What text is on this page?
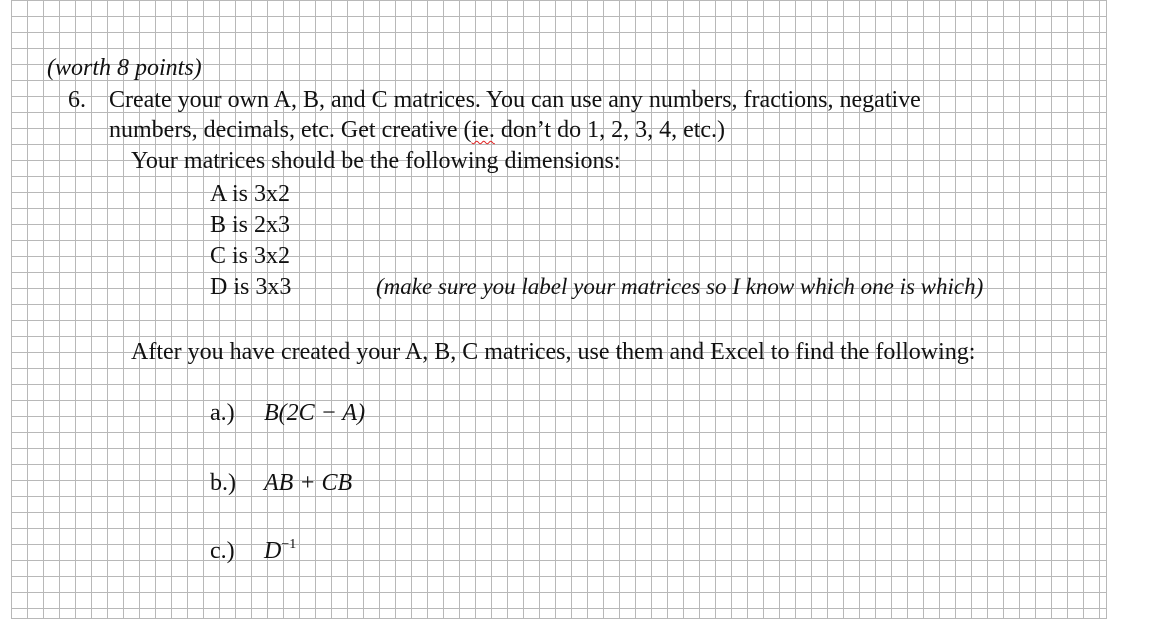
(worth 8 points)
6. Create your own A, B, and C matrices. You can use any numbers, fractions, negative
numbers, decimals, etc. Get creative (ie. don’t do 1, 2, 3, 4, etc.)
Your matrices should be the following dimensions:
A is 3x2
B is 2x3
C is 3x2
D is 3x3	(make sure you label your matrices so I know which one is which)
After you have created your A, B, C matrices, use them and Excel to find the following:
a.) B(2C − A)
b.) AB + CB
c.) $D^{-1}$
